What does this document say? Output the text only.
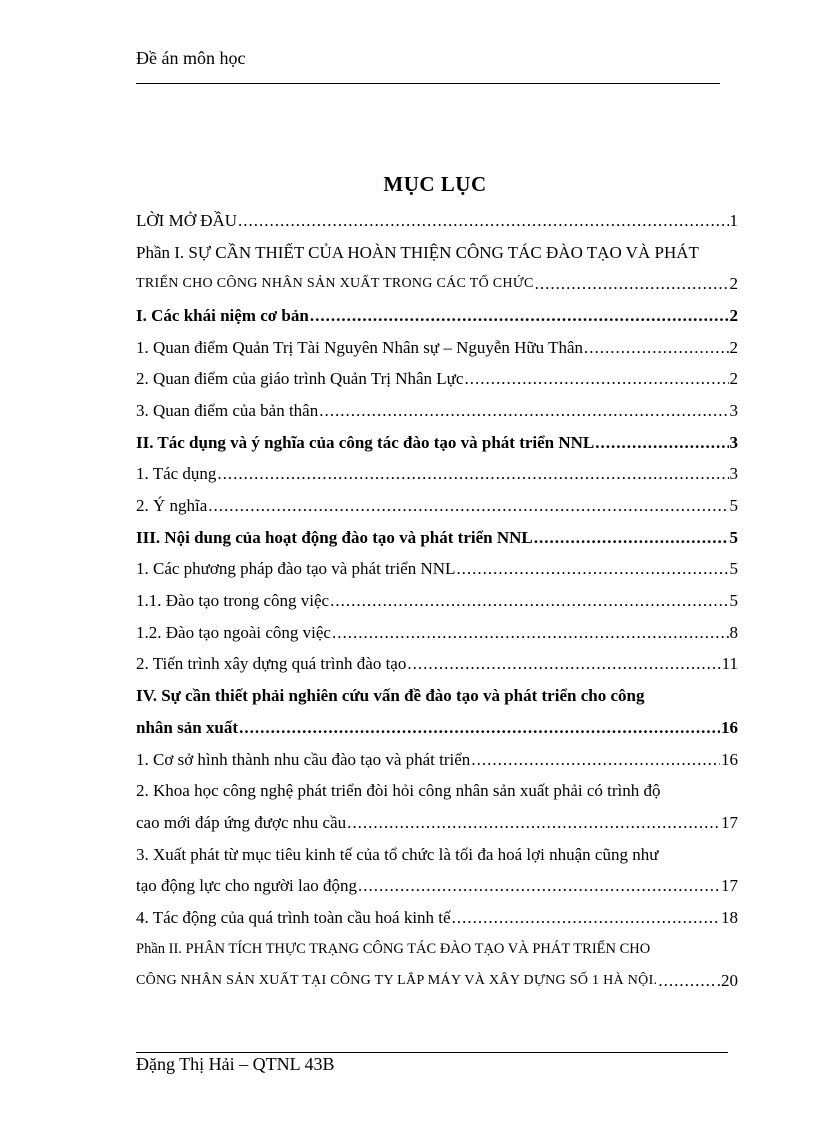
Đề án môn học
MỤC LỤC
LỜI MỞ ĐẦU .....	1
Phần I. SỰ CẦN THIẾT CỦA HOÀN THIỆN CÔNG TÁC ĐÀO TẠO VÀ PHÁT
TRIỂN CHO CÔNG NHÂN SẢN XUẤT TRONG CÁC TỔ CHỨC .....	2
I. Các khái niệm cơ bản .....	2
1. Quan điểm Quản Trị Tài Nguyên Nhân sự – Nguyễn Hữu Thân .....	2
2. Quan điểm của giáo trình Quản Trị Nhân Lực .....	2
3. Quan điểm của bản thân .....	3
II. Tác dụng và ý nghĩa của công tác đào tạo và phát triển NNL .....	3
1. Tác dụng .....	3
2. Ý nghĩa .....	5
III. Nội dung của hoạt động đào tạo và phát triển NNL .....	5
1. Các phương pháp đào tạo và phát triển NNL .....	5
1.1. Đào tạo trong công việc .....	5
1.2. Đào tạo ngoài công việc .....	8
2. Tiến trình xây dựng quá trình đào tạo .....	11
IV. Sự cần thiết phải nghiên cứu vấn đề đào tạo và phát triển cho công
nhân sản xuất .....	16
1. Cơ sở hình thành nhu cầu đào tạo và phát triển .....	16
2. Khoa học công nghệ phát triển đòi hỏi công nhân sản xuất phải có trình độ
cao mới đáp ứng được nhu cầu .....	17
3. Xuất phát từ mục tiêu kinh tế của tổ chức là tối đa hoá lợi nhuận cũng như
tạo động lực cho người lao động .....	17
4. Tác động của quá trình toàn cầu hoá kinh tế .....	18
Phần II. PHÂN TÍCH THỰC TRẠNG CÔNG TÁC ĐÀO TẠO VÀ PHÁT TRIỂN CHO
CÔNG NHÂN SẢN XUẤT TẠI CÔNG TY LẮP MÁY VÀ XÂY DỰNG SỐ 1 HÀ NỘI. .....	.20
Đặng Thị Hải – QTNL 43B
